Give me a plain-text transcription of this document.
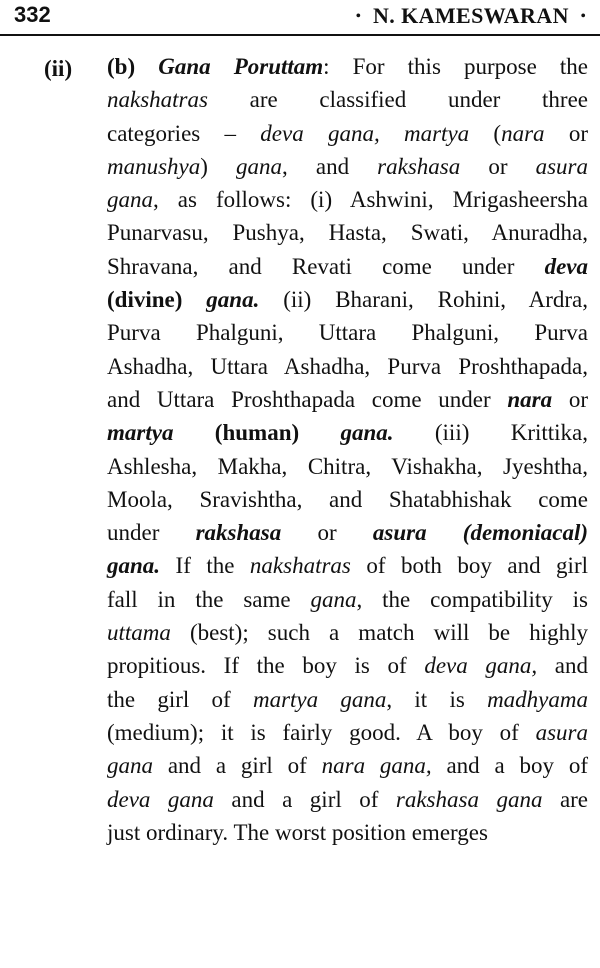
332	• N. KAMESWARAN •
(ii) (b) Gana Poruttam: For this purpose the
nakshatras are classified under three
categories – deva gana, martya (nara or
manushya) gana, and rakshasa or asura
gana, as follows: (i) Ashwini, Mrigasheersha
Punarvasu, Pushya, Hasta, Swati, Anuradha,
Shravana, and Revati come under deva
(divine) gana. (ii) Bharani, Rohini, Ardra,
Purva Phalguni, Uttara Phalguni, Purva
Ashadha, Uttara Ashadha, Purva Proshthapada,
and Uttara Proshthapada come under nara or
martya (human) gana. (iii) Krittika,
Ashlesha, Makha, Chitra, Vishakha, Jyeshtha,
Moola, Sravishtha, and Shatabhishak come
under rakshasa or asura (demoniacal)
gana. If the nakshatras of both boy and girl
fall in the same gana, the compatibility is
uttama (best); such a match will be highly
propitious. If the boy is of deva gana, and
the girl of martya gana, it is madhyama
(medium); it is fairly good. A boy of asura
gana and a girl of nara gana, and a boy of
deva gana and a girl of rakshasa gana are
just ordinary. The worst position emerges
